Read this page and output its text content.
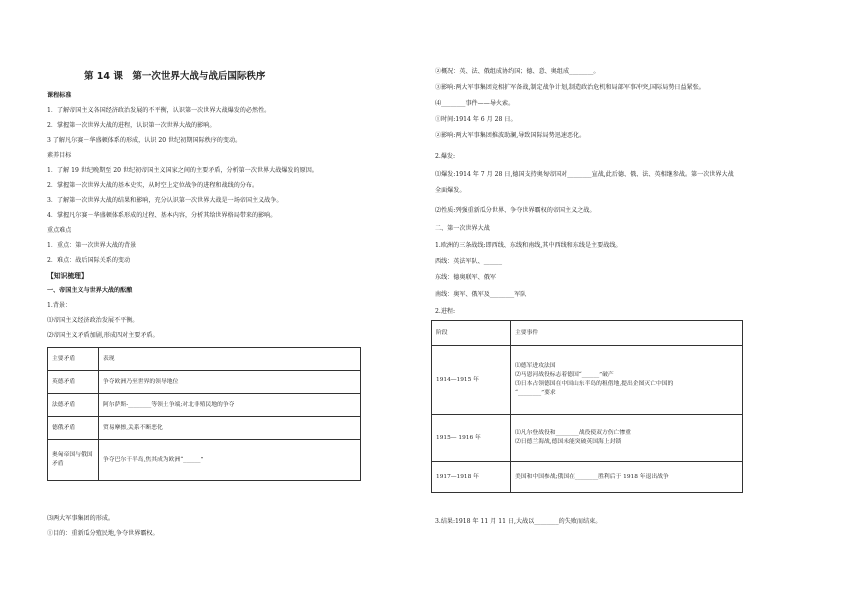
第 14 课　第一次世界大战与战后国际秩序
课程标准
1．了解帝国主义各国经济政治发展的不平衡，认识第一次世界大战爆发的必然性。
2．掌握第一次世界大战的进程，认识第一次世界大战的影响。
3 了解凡尔赛－华盛顿体系的形成，认识 20 世纪初期国际秩序的变动。
素养目标
1．了解 19 世纪晚期至 20 世纪初帝国主义国家之间的主要矛盾，分析第一次世界大战爆发的原因。
2．掌握第一次世界大战的基本史实，从时空上定位战争的进程和战线的分布。
3．了解第一次世界大战的结果和影响，充分认识第一次世界大战是一场帝国主义战争。
4．掌握凡尔赛－华盛顿体系形成的过程、基本内容，分析其给世界格局带来的影响。
重点难点
1．重点：第一次世界大战的背景
2．难点：战后国际关系的变动
【知识梳理】
一、帝国主义与世界大战的酝酿
1.背景：
⑴帝国主义经济政治发展不平衡。
⑵帝国主义矛盾加剧,形成四对主要矛盾。
主要矛盾	表现
英德矛盾	争夺欧洲乃至世界的领导地位
法德矛盾	阿尔萨斯-________等领土争端;对北非殖民地的争夺
德俄矛盾	贸易摩擦,关系不断恶化
奥匈帝国与俄国矛盾	争夺巴尔干半岛,焦其成为欧洲“______”
⑶两大军事集团的形成。
①目的：重新瓜分殖民地,争夺世界霸权。
②概况：英、法、俄组成协约国；德、意、奥组成________。
③影响:两大军事集团竞相扩军备战,制定战争计划,制造政治危机和局部军事冲突,国际局势日益紧张。
⑷________事件——导火索。
①时间:1914 年 6 月 28 日。
②影响:两大军事集团推波助澜,导致国际局势迅速恶化。
2.爆发:
⑴爆发:1914 年 7 月 28 日,德国支持奥匈帝国对________宣战,此后德、俄、法、英相继参战。第一次世界大战
全面爆发。
⑵性质:列强重新瓜分世界、争夺世界霸权的帝国主义之战。
二、第一次世界大战
1.欧洲的三条战线:即西线、东线和南线,其中西线和东线是主要战线。
西线：英法军队、______
东线：德奥联军、俄军
南线：奥军、俄军及________军队
2.进程:
阶段	主要事件
1914—1915 年	⑴德军进攻法国
⑵马恩河战役标志着德国“______”破产
⑶日本占领德国在中国山东半岛的租借地,提出企图灭亡中国的
“________”要求

1915— 1916 年	⑴凡尔登战役和________战役使双方伤亡惨重
⑵日德兰海战,德国未能突破英国海上封锁

1917—1918 年	美国和中国参战;俄国在________胜利后于 1918 年退出战争
3.结果:1918 年 11 月 11 日,大战以________的失败而结束。
